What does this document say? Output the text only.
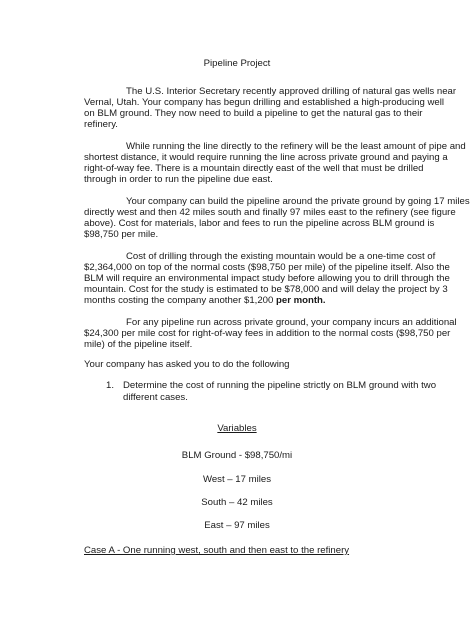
Pipeline Project

The U.S. Interior Secretary recently approved drilling of natural gas wells near

Vernal, Utah. Your company has begun drilling and established a high-producing well

on BLM ground. They now need to build a pipeline to get the natural gas to their

refinery.

While running the line directly to the refinery will be the least amount of pipe and

shortest distance, it would require running the line across private ground and paying a

right-of-way fee. There is a mountain directly east of the well that must be drilled

through in order to run the pipeline due east.

Your company can build the pipeline around the private ground by going 17 miles

directly west and then 42 miles south and finally 97 miles east to the refinery (see figure

above). Cost for materials, labor and fees to run the pipeline across BLM ground is

$98,750 per mile.

Cost of drilling through the existing mountain would be a one-time cost of

$2,364,000 on top of the normal costs ($98,750 per mile) of the pipeline itself. Also the

BLM will require an environmental impact study before allowing you to drill through the

mountain. Cost for the study is estimated to be $78,000 and will delay the project by 3

months costing the company another $1,200 per month.

For any pipeline run across private ground, your company incurs an additional

$24,300 per mile cost for right-of-way fees in addition to the normal costs ($98,750 per

mile) of the pipeline itself.

Your company has asked you to do the following

1. Determine the cost of running the pipeline strictly on BLM ground with two

different cases.

Variables

BLM Ground - $98,750/mi

West – 17 miles

South – 42 miles

East – 97 miles

Case A - One running west, south and then east to the refinery
